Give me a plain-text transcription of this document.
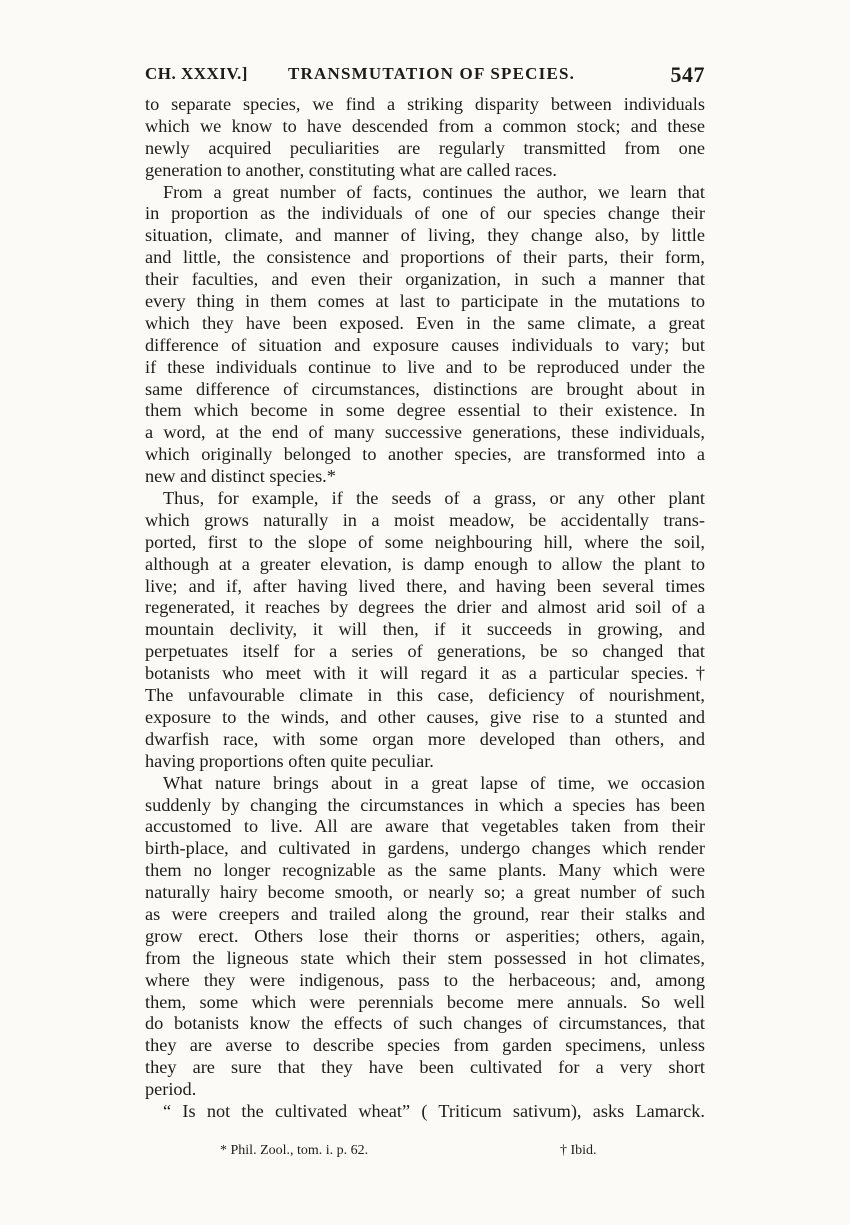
CH. XXXIV.] TRANSMUTATION OF SPECIES.	547
to separate species, we find a striking disparity between individuals
which we know to have descended from a common stock; and these
newly acquired peculiarities are regularly transmitted from one
generation to another, constituting what are called races.
From a great number of facts, continues the author, we learn that
in proportion as the individuals of one of our species change their
situation, climate, and manner of living, they change also, by little
and little, the consistence and proportions of their parts, their form,
their faculties, and even their organization, in such a manner that
every thing in them comes at last to participate in the mutations to
which they have been exposed. Even in the same climate, a great
difference of situation and exposure causes individuals to vary; but
if these individuals continue to live and to be reproduced under the
same difference of circumstances, distinctions are brought about in
them which become in some degree essential to their existence. In
a word, at the end of many successive generations, these individuals,
which originally belonged to another species, are transformed into a
new and distinct species.*
Thus, for example, if the seeds of a grass, or any other plant
which grows naturally in a moist meadow, be accidentally trans-
ported, first to the slope of some neighbouring hill, where the soil,
although at a greater elevation, is damp enough to allow the plant to
live; and if, after having lived there, and having been several times
regenerated, it reaches by degrees the drier and almost arid soil of a
mountain declivity, it will then, if it succeeds in growing, and
perpetuates itself for a series of generations, be so changed that
botanists who meet with it will regard it as a particular species.†
The unfavourable climate in this case, deficiency of nourishment,
exposure to the winds, and other causes, give rise to a stunted and
dwarfish race, with some organ more developed than others, and
having proportions often quite peculiar.
What nature brings about in a great lapse of time, we occasion
suddenly by changing the circumstances in which a species has been
accustomed to live. All are aware that vegetables taken from their
birth-place, and cultivated in gardens, undergo changes which render
them no longer recognizable as the same plants. Many which were
naturally hairy become smooth, or nearly so; a great number of such
as were creepers and trailed along the ground, rear their stalks and
grow erect. Others lose their thorns or asperities; others, again,
from the ligneous state which their stem possessed in hot climates,
where they were indigenous, pass to the herbaceous; and, among
them, some which were perennials become mere annuals. So well
do botanists know the effects of such changes of circumstances, that
they are averse to describe species from garden specimens, unless
they are sure that they have been cultivated for a very short
period.
“ Is not the cultivated wheat” ( Triticum sativum), asks Lamarck.
* Phil. Zool., tom. i. p. 62.	† Ibid.
